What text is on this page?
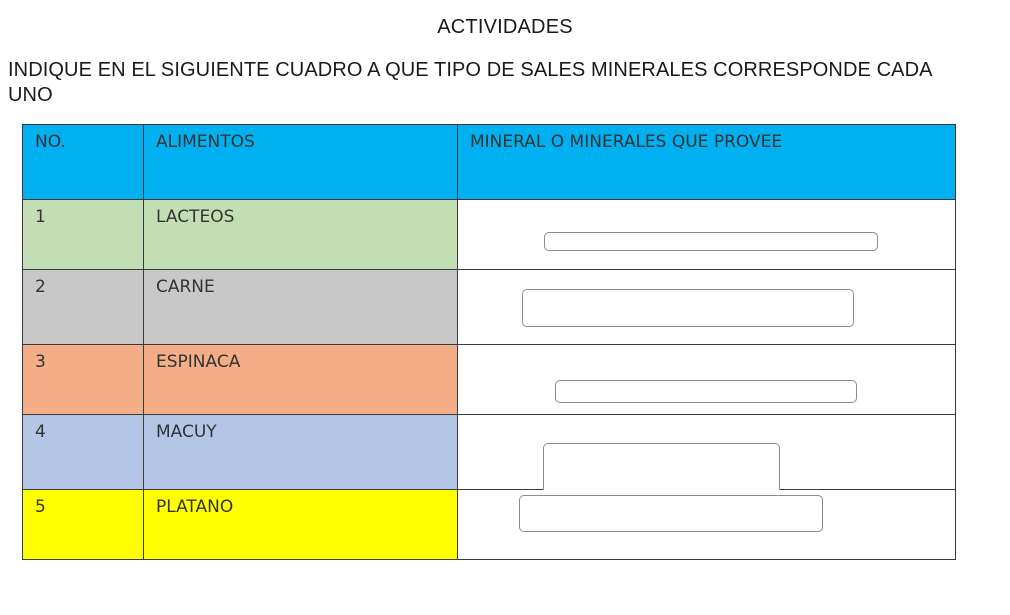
ACTIVIDADES
INDIQUE EN EL SIGUIENTE CUADRO A QUE TIPO DE SALES MINERALES CORRESPONDE CADA UNO
NO.	ALIMENTOS	MINERAL O MINERALES QUE PROVEE

1	LACTEOS	

2	CARNE	

3	ESPINACA	

4	MACUY	

5	PLATANO	
